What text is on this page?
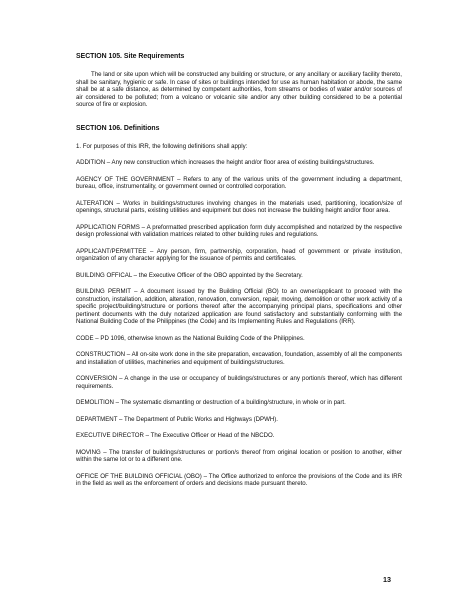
SECTION 105. Site Requirements

The land or site upon which will be constructed any building or structure, or any ancillary or auxiliary facility thereto, shall be sanitary, hygienic or safe. In case of sites or buildings intended for use as human habitation or abode, the same shall be at a safe distance, as determined by competent authorities, from streams or bodies of water and/or sources of air considered to be polluted; from a volcano or volcanic site and/or any other building considered to be a potential source of fire or explosion.

SECTION 106. Definitions

1. For purposes of this IRR, the following definitions shall apply:

ADDITION – Any new construction which increases the height and/or floor area of existing buildings/structures.

AGENCY OF THE GOVERNMENT – Refers to any of the various units of the government including a department, bureau, office, instrumentality, or government owned or controlled corporation.

ALTERATION – Works in buildings/structures involving changes in the materials used, partitioning, location/size of openings, structural parts, existing utilities and equipment but does not increase the building height and/or floor area.

APPLICATION FORMS – A preformatted prescribed application form duly accomplished and notarized by the respective design professional with validation matrices related to other building rules and regulations.

APPLICANT/PERMITTEE – Any person, firm, partnership, corporation, head of government or private institution, organization of any character applying for the issuance of permits and certificates.

BUILDING OFFICAL – the Executive Officer of the OBO appointed by the Secretary.

BUILDING PERMIT – A document issued by the Building Official (BO) to an owner/applicant to proceed with the construction, installation, addition, alteration, renovation, conversion, repair, moving, demolition or other work activity of a specific project/building/structure or portions thereof after the accompanying principal plans, specifications and other pertinent documents with the duly notarized application are found satisfactory and substantially conforming with the National Building Code of the Philippines (the Code) and its Implementing Rules and Regulations (IRR).

CODE – PD 1096, otherwise known as the National Building Code of the Philippines.

CONSTRUCTION – All on-site work done in the site preparation, excavation, foundation, assembly of all the components and installation of utilities, machineries and equipment of buildings/structures.

CONVERSION – A change in the use or occupancy of buildings/structures or any portion/s thereof, which has different requirements.

DEMOLITION – The systematic dismantling or destruction of a building/structure, in whole or in part.

DEPARTMENT – The Department of Public Works and Highways (DPWH).

EXECUTIVE DIRECTOR – The Executive Officer or Head of the NBCDO.

MOVING – The transfer of buildings/structures or portion/s thereof from original location or position to another, either within the same lot or to a different one.

OFFICE OF THE BUILDING OFFICIAL (OBO) – The Office authorized to enforce the provisions of the Code and its IRR in the field as well as the enforcement of orders and decisions made pursuant thereto.

13
